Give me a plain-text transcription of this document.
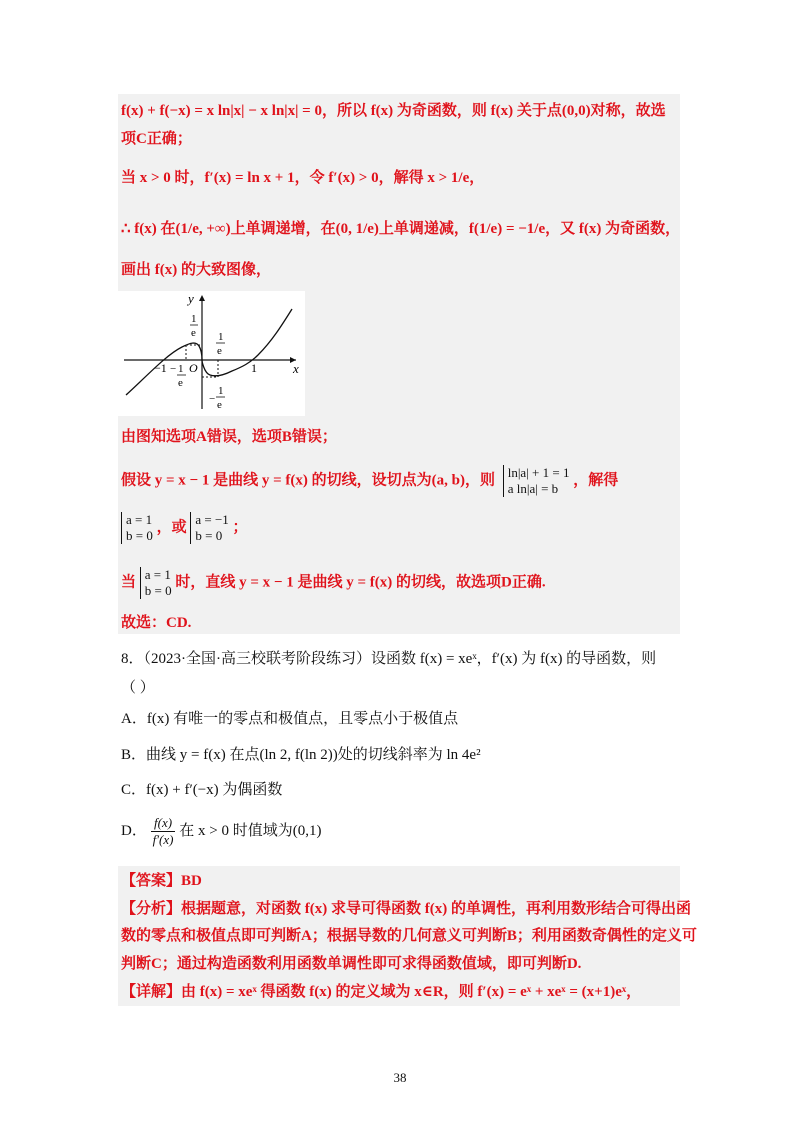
f(x) + f(−x) = x ln|x| − x ln|x| = 0，所以 f(x) 为奇函数，则 f(x) 关于点(0,0)对称，故选
项C正确；
当 x > 0 时，f′(x) = ln x + 1，令 f′(x) > 0，解得 x > 1/e，
∴ f(x) 在(1/e, +∞)上单调递增，在(0, 1/e)上单调递减，f(1/e) = −1/e，又 f(x) 为奇函数，
画出 f(x) 的大致图像，
y
x
1
e 1
e
−1 1
e
− O	1
−
1
e
由图知选项A错误，选项B错误；
假设 y = x − 1 是曲线 y = f(x) 的切线，设切点为(a, b)，则 ln|a| + 1 = 1
a ln|a| = b
，解得
a = 1
b = 0
，或 a = −1
b = 0
；
当 a = 1
b = 0
时，直线 y = x − 1 是曲线 y = f(x) 的切线，故选项D正确.
故选：CD.
8．（2023·全国·高三校联考阶段练习）设函数 f(x) = xeˣ，f′(x) 为 f(x) 的导函数，则
（ ）
A．f(x) 有唯一的零点和极值点，且零点小于极值点
B．曲线 y = f(x) 在点(ln 2, f(ln 2))处的切线斜率为 ln 4e²
C．f(x) + f′(−x) 为偶函数
D． $\frac{f(x)}{f'(x)}$ 在 x > 0 时值域为(0,1)
【答案】BD
【分析】根据题意，对函数 f(x) 求导可得函数 f(x) 的单调性，再利用数形结合可得出函
数的零点和极值点即可判断A；根据导数的几何意义可判断B；利用函数奇偶性的定义可
判断C；通过构造函数利用函数单调性即可求得函数值域，即可判断D.
【详解】由 f(x) = xeˣ 得函数 f(x) 的定义域为 x∈R，则 f′(x) = eˣ + xeˣ = (x+1)eˣ，
38
